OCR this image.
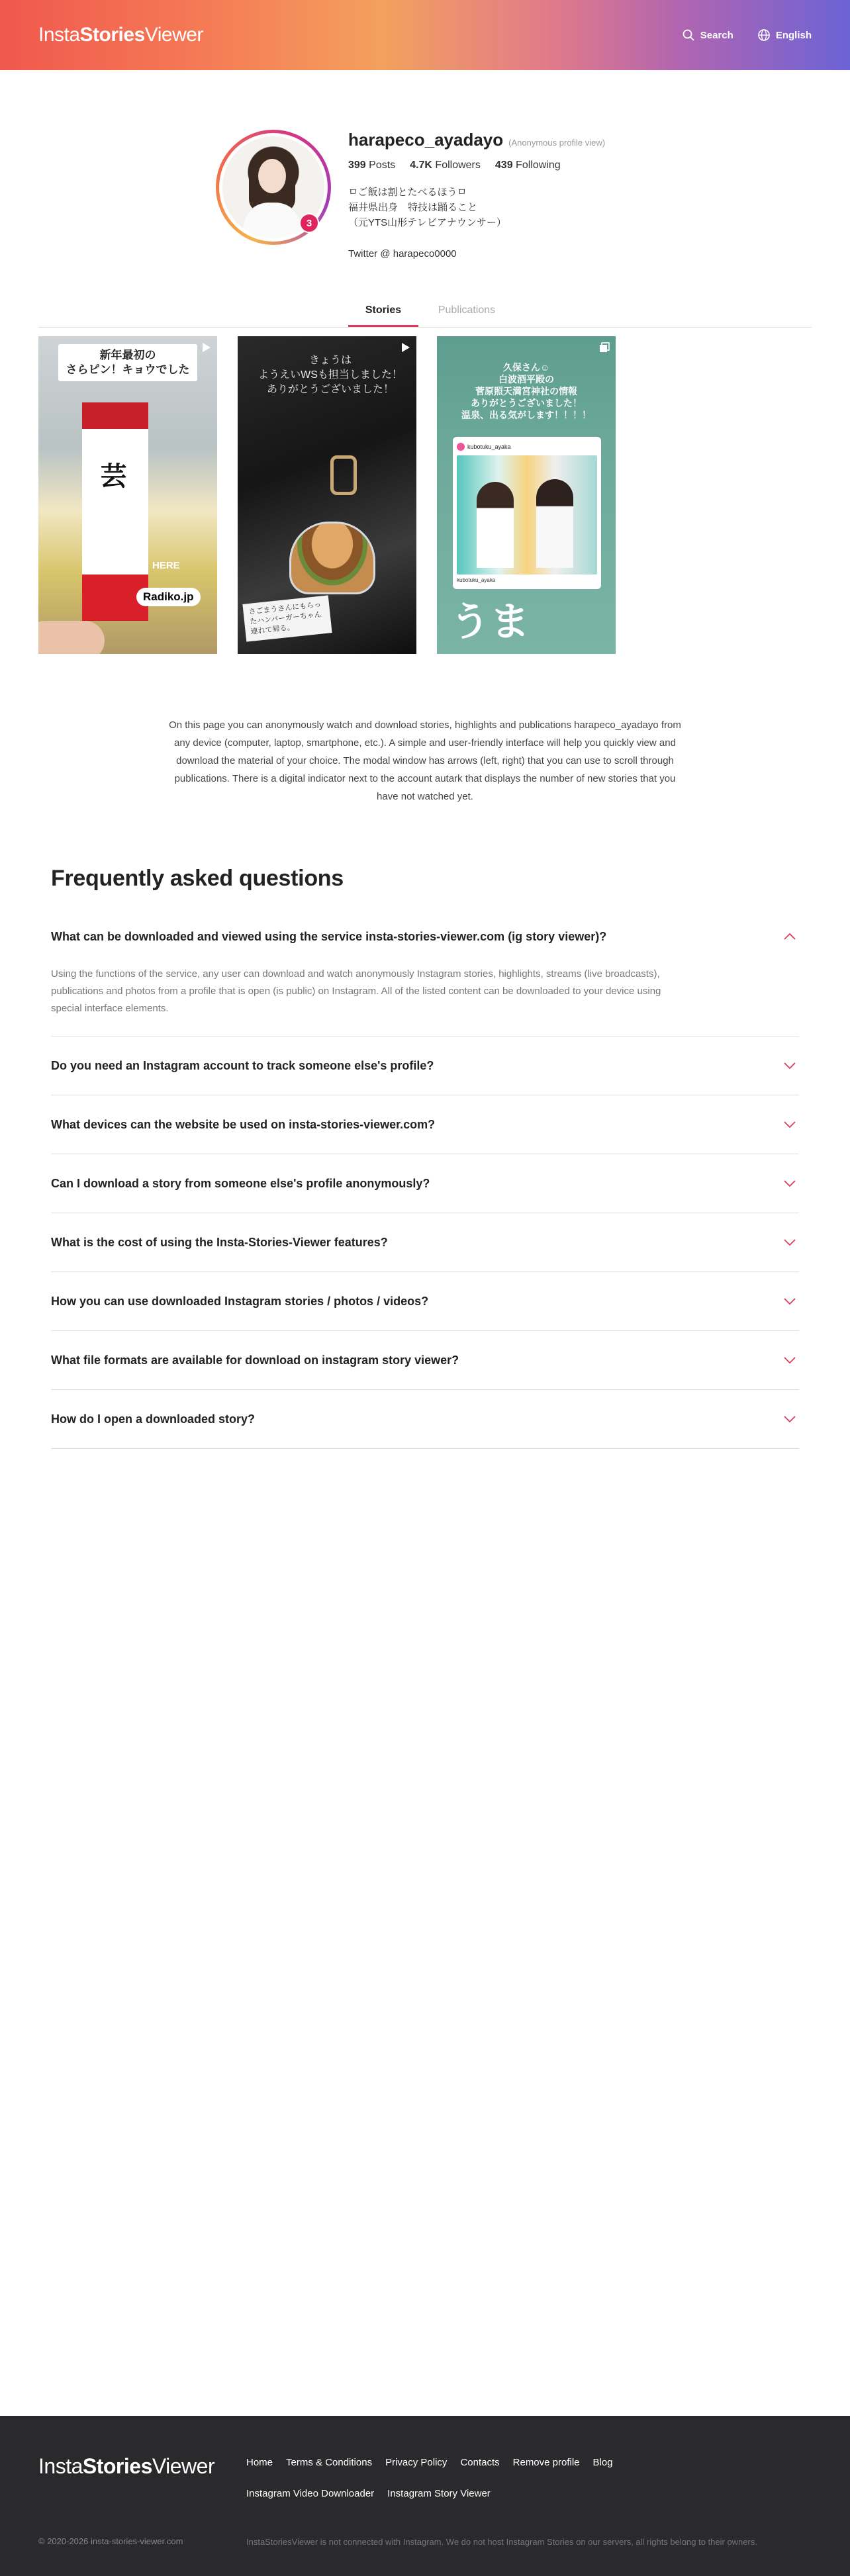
InstaStoriesViewer	Search	English
3
harapeco_ayadayo (Anonymous profile view)
399 Posts 4.7K Followers 439 Following
ㅁご飯は割とたべるほうㅁ
福井県出身　特技は踊ること
（元YTS山形テレビアナウンサー）
Twitter @ harapeco0000
Stories	Publications
新年最初の
さらピン！キョウでした
芸
HERE
Radiko.jp
きょうは
ようえいWSも担当しました！
ありがとうございました！
さごまうさんにもらったハンバーガーちゃん連れて帰る。
久保さん☺
白波酒平殿の
菅原照天満宮神社の情報
ありがとうございました！
温泉、出る気がします！！！！
kubotuku_ayaka
kubotuku_ayaka
うま
On this page you can anonymously watch and download stories, highlights and publications harapeco_ayadayo from any device (computer, laptop, smartphone, etc.). A simple and user-friendly interface will help you quickly view and download the material of your choice. The modal window has arrows (left, right) that you can use to scroll through publications. There is a digital indicator next to the account autark that displays the number of new stories that you have not watched yet.
Frequently asked questions
What can be downloaded and viewed using the service insta-stories-viewer.com (ig story viewer)?
Using the functions of the service, any user can download and watch anonymously Instagram stories, highlights, streams (live broadcasts), publications and photos from a profile that is open (is public) on Instagram. All of the listed content can be downloaded to your device using special interface elements.
Do you need an Instagram account to track someone else's profile?
What devices can the website be used on insta-stories-viewer.com?
Can I download a story from someone else's profile anonymously?
What is the cost of using the Insta-Stories-Viewer features?
How you can use downloaded Instagram stories / photos / videos?
What file formats are available for download on instagram story viewer?
How do I open a downloaded story?
InstaStoriesViewer	Home Terms & Conditions Privacy Policy Contacts Remove profile Blog
Instagram Video Downloader Instagram Story Viewer
© 2020-2026 insta-stories-viewer.com	InstaStoriesViewer is not connected with Instagram. We do not host Instagram Stories on our servers, all rights belong to their owners.
